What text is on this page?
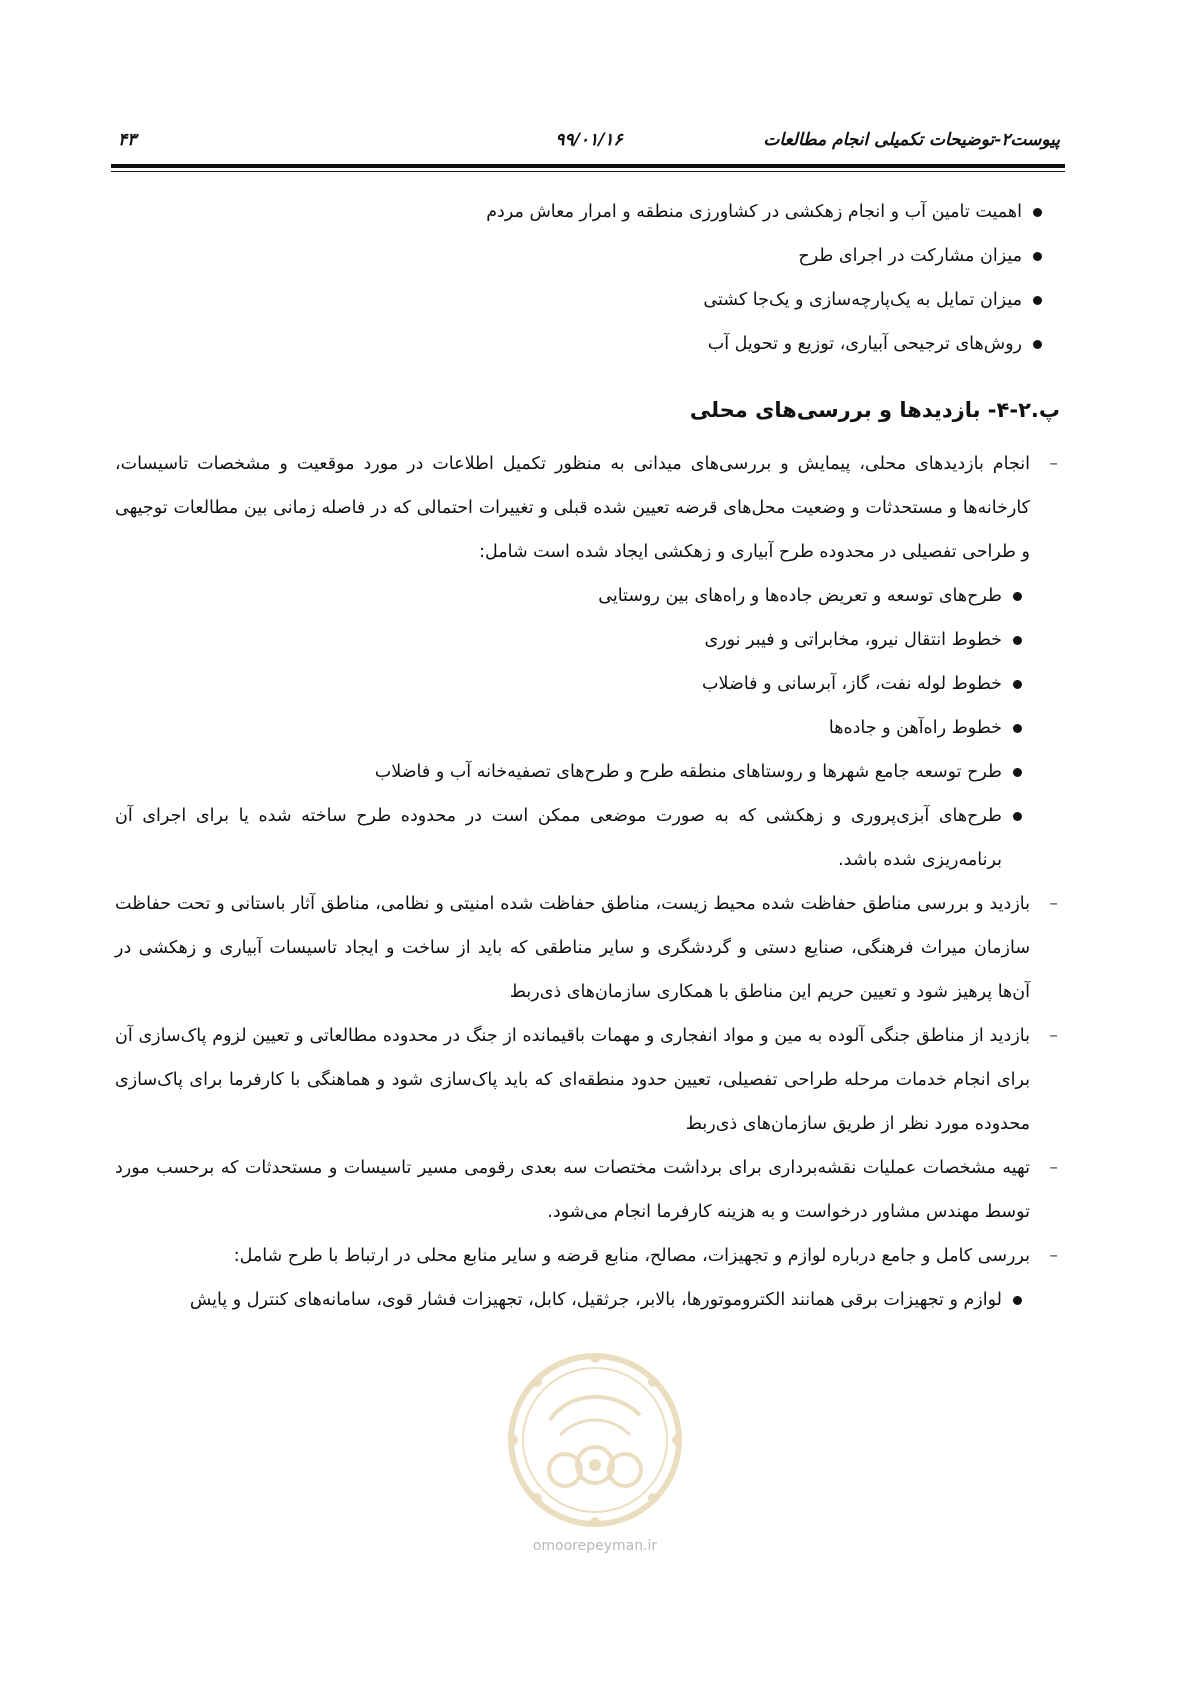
پیوست۲-توضیحات تکمیلی انجام مطالعات
۹۹/۰۱/۱۶
۴۳
اهمیت تامین آب و انجام زهکشی در کشاورزی منطقه و امرار معاش مردم
میزان مشارکت در اجرای طرح
میزان تمایل به یک‌پارچه‌سازی و یک‌جا کشتی
روش‌های ترجیحی آبیاری، توزیع و تحویل آب
پ.۲-۴- بازدیدها و بررسی‌های محلی
–
انجام بازدیدهای محلی، پیمایش و بررسی‌های میدانی به منظور تکمیل اطلاعات در مورد موقعیت و مشخصات تاسیسات، کارخانه‌ها و مستحدثات و وضعیت محل‌های قرضه تعیین شده قبلی و تغییرات احتمالی که در فاصله زمانی بین مطالعات توجیهی و طراحی تفصیلی در محدوده طرح آبیاری و زهکشی ایجاد شده است شامل:
طرح‌های توسعه و تعریض جاده‌ها و راه‌های بین روستایی
خطوط انتقال نیرو، مخابراتی و فیبر نوری
خطوط لوله نفت، گاز، آبرسانی و فاضلاب
خطوط راه‌آهن و جاده‌ها
طرح توسعه جامع شهرها و روستاهای منطقه طرح و طرح‌های تصفیه‌خانه آب و فاضلاب
طرح‌های آبزی‌پروری و زهکشی که به صورت موضعی ممکن است در محدوده طرح ساخته شده یا برای اجرای آن برنامه‌ریزی شده باشد.
–
بازدید و بررسی مناطق حفاظت شده محیط زیست، مناطق حفاظت شده امنیتی و نظامی، مناطق آثار باستانی و تحت حفاظت سازمان میراث فرهنگی، صنایع دستی و گردشگری و سایر مناطقی که باید از ساخت و ایجاد تاسیسات آبیاری و زهکشی در آن‌ها پرهیز شود و تعیین حریم این مناطق با همکاری سازمان‌های ذی‌ربط
–
بازدید از مناطق جنگی آلوده به مین و مواد انفجاری و مهمات باقیمانده از جنگ در محدوده مطالعاتی و تعیین لزوم پاک‌سازی آن برای انجام خدمات مرحله طراحی تفصیلی، تعیین حدود منطقه‌ای که باید پاک‌سازی شود و هماهنگی با کارفرما برای پاک‌سازی محدوده مورد نظر از طریق سازمان‌های ذی‌ربط
–
تهیه مشخصات عملیات نقشه‌برداری برای برداشت مختصات سه بعدی رقومی مسیر تاسیسات و مستحدثات که برحسب مورد توسط مهندس مشاور درخواست و به هزینه کارفرما انجام می‌شود.
–
بررسی کامل و جامع درباره لوازم و تجهیزات، مصالح، منابع قرضه و سایر منابع محلی در ارتباط با طرح شامل:
لوازم و تجهیزات برقی همانند الکتروموتورها، بالابر، جرثقیل، کابل، تجهیزات فشار قوی، سامانه‌های کنترل و پایش
omoorepeyman.ir
